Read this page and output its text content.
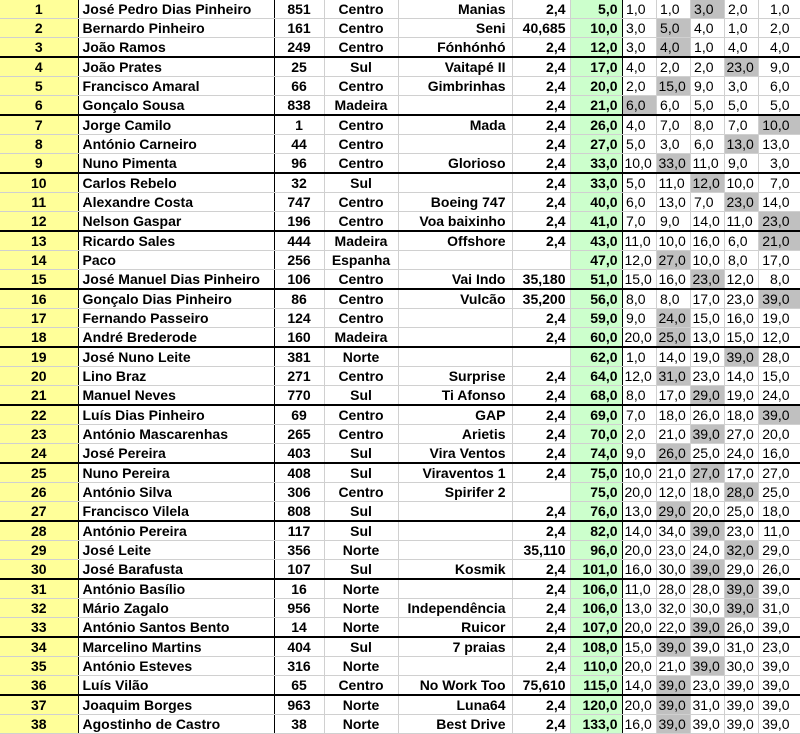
1	José Pedro Dias Pinheiro	851	Centro	Manias	2,4	5,0	1,0	1,0	3,0	2,0	1,0
2	Bernardo Pinheiro	161	Centro	Seni	40,685	10,0	3,0	5,0	4,0	1,0	2,0
3	João Ramos	249	Centro	Fónhónhó	2,4	12,0	3,0	4,0	1,0	4,0	4,0
4	João Prates	25	Sul	Vaitapé II	2,4	17,0	4,0	2,0	2,0	23,0	9,0
5	Francisco Amaral	66	Centro	Gimbrinhas	2,4	20,0	2,0	15,0	9,0	3,0	6,0
6	Gonçalo Sousa	838	Madeira		2,4	21,0	6,0	6,0	5,0	5,0	5,0
7	Jorge Camilo	1	Centro	Mada	2,4	26,0	4,0	7,0	8,0	7,0	10,0
8	António Carneiro	44	Centro		2,4	27,0	5,0	3,0	6,0	13,0	13,0
9	Nuno Pimenta	96	Centro	Glorioso	2,4	33,0	10,0	33,0	11,0	9,0	3,0
10	Carlos Rebelo	32	Sul		2,4	33,0	5,0	11,0	12,0	10,0	7,0
11	Alexandre Costa	747	Centro	Boeing 747	2,4	40,0	6,0	13,0	7,0	23,0	14,0
12	Nelson Gaspar	196	Centro	Voa baixinho	2,4	41,0	7,0	9,0	14,0	11,0	23,0
13	Ricardo Sales	444	Madeira	Offshore	2,4	43,0	11,0	10,0	16,0	6,0	21,0
14	Paco	256	Espanha			47,0	12,0	27,0	10,0	8,0	17,0
15	José Manuel Dias Pinheiro	106	Centro	Vai Indo	35,180	51,0	15,0	16,0	23,0	12,0	8,0
16	Gonçalo Dias Pinheiro	86	Centro	Vulcão	35,200	56,0	8,0	8,0	17,0	23,0	39,0
17	Fernando Passeiro	124	Centro		2,4	59,0	9,0	24,0	15,0	16,0	19,0
18	André Brederode	160	Madeira		2,4	60,0	20,0	25,0	13,0	15,0	12,0
19	José Nuno Leite	381	Norte			62,0	1,0	14,0	19,0	39,0	28,0
20	Lino Braz	271	Centro	Surprise	2,4	64,0	12,0	31,0	23,0	14,0	15,0
21	Manuel Neves	770	Sul	Ti Afonso	2,4	68,0	8,0	17,0	29,0	19,0	24,0
22	Luís Dias Pinheiro	69	Centro	GAP	2,4	69,0	7,0	18,0	26,0	18,0	39,0
23	António Mascarenhas	265	Centro	Arietis	2,4	70,0	2,0	21,0	39,0	27,0	20,0
24	José Pereira	403	Sul	Vira Ventos	2,4	74,0	9,0	26,0	25,0	24,0	16,0
25	Nuno Pereira	408	Sul	Viraventos 1	2,4	75,0	10,0	21,0	27,0	17,0	27,0
26	António Silva	306	Centro	Spirifer 2		75,0	20,0	12,0	18,0	28,0	25,0
27	Francisco Vilela	808	Sul		2,4	76,0	13,0	29,0	20,0	25,0	18,0
28	António Pereira	117	Sul		2,4	82,0	14,0	34,0	39,0	23,0	11,0
29	José Leite	356	Norte		35,110	96,0	20,0	23,0	24,0	32,0	29,0
30	José Barafusta	107	Sul	Kosmik	2,4	101,0	16,0	30,0	39,0	29,0	26,0
31	António Basílio	16	Norte		2,4	106,0	11,0	28,0	28,0	39,0	39,0
32	Mário Zagalo	956	Norte	Independência	2,4	106,0	13,0	32,0	30,0	39,0	31,0
33	António Santos Bento	14	Norte	Ruicor	2,4	107,0	20,0	22,0	39,0	26,0	39,0
34	Marcelino Martins	404	Sul	7 praias	2,4	108,0	15,0	39,0	39,0	31,0	23,0
35	António Esteves	316	Norte		2,4	110,0	20,0	21,0	39,0	30,0	39,0
36	Luís Vilão	65	Centro	No Work Too	75,610	115,0	14,0	39,0	23,0	39,0	39,0
37	Joaquim Borges	963	Norte	Luna64	2,4	120,0	20,0	39,0	31,0	39,0	39,0
38	Agostinho de Castro	38	Norte	Best Drive	2,4	133,0	16,0	39,0	39,0	39,0	39,0
